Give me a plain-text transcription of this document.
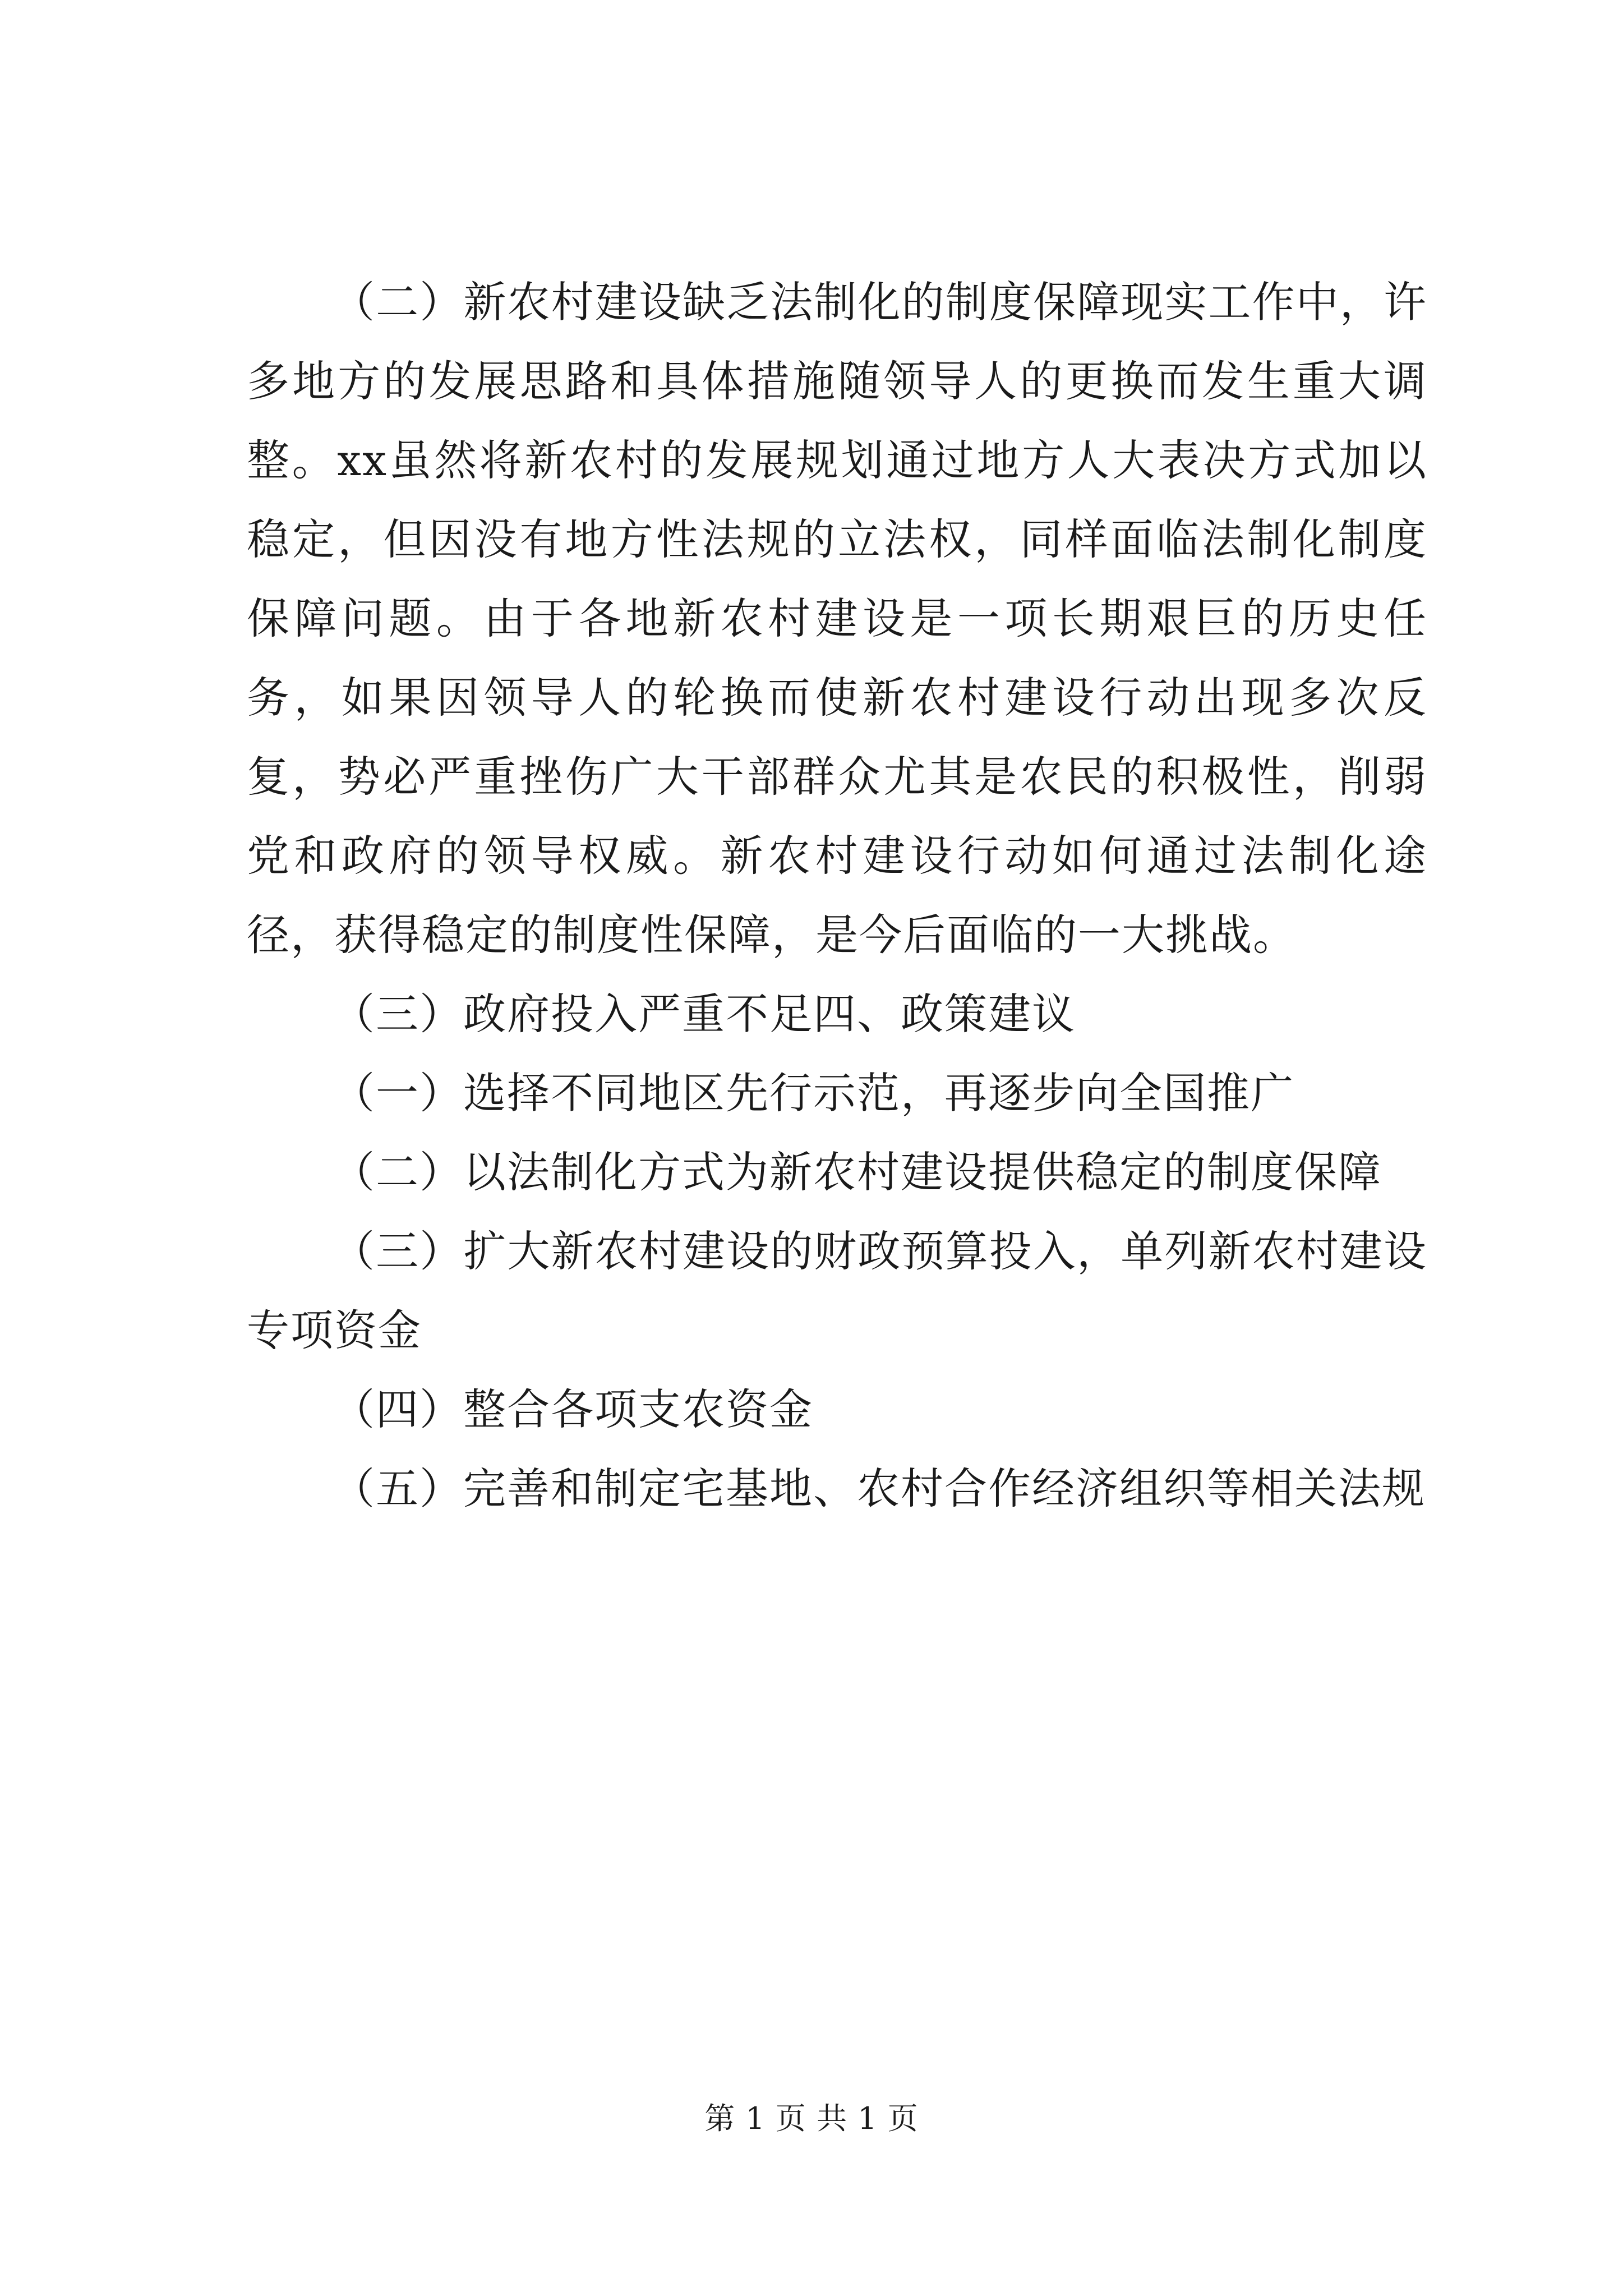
（二）新农村建设缺乏法制化的制度保障现实工作中，许多地方的发展思路和具体措施随领导人的更换而发生重大调整。xx虽然将新农村的发展规划通过地方人大表决方式加以稳定，但因没有地方性法规的立法权，同样面临法制化制度保障问题。由于各地新农村建设是一项长期艰巨的历史任务，如果因领导人的轮换而使新农村建设行动出现多次反复，势必严重挫伤广大干部群众尤其是农民的积极性，削弱党和政府的领导权威。新农村建设行动如何通过法制化途径，获得稳定的制度性保障，是今后面临的一大挑战。

（三）政府投入严重不足四、政策建议

（一）选择不同地区先行示范，再逐步向全国推广

（二）以法制化方式为新农村建设提供稳定的制度保障

（三）扩大新农村建设的财政预算投入，单列新农村建设专项资金

（四）整合各项支农资金

（五）完善和制定宅基地、农村合作经济组织等相关法规

第 1 页 共 1 页
